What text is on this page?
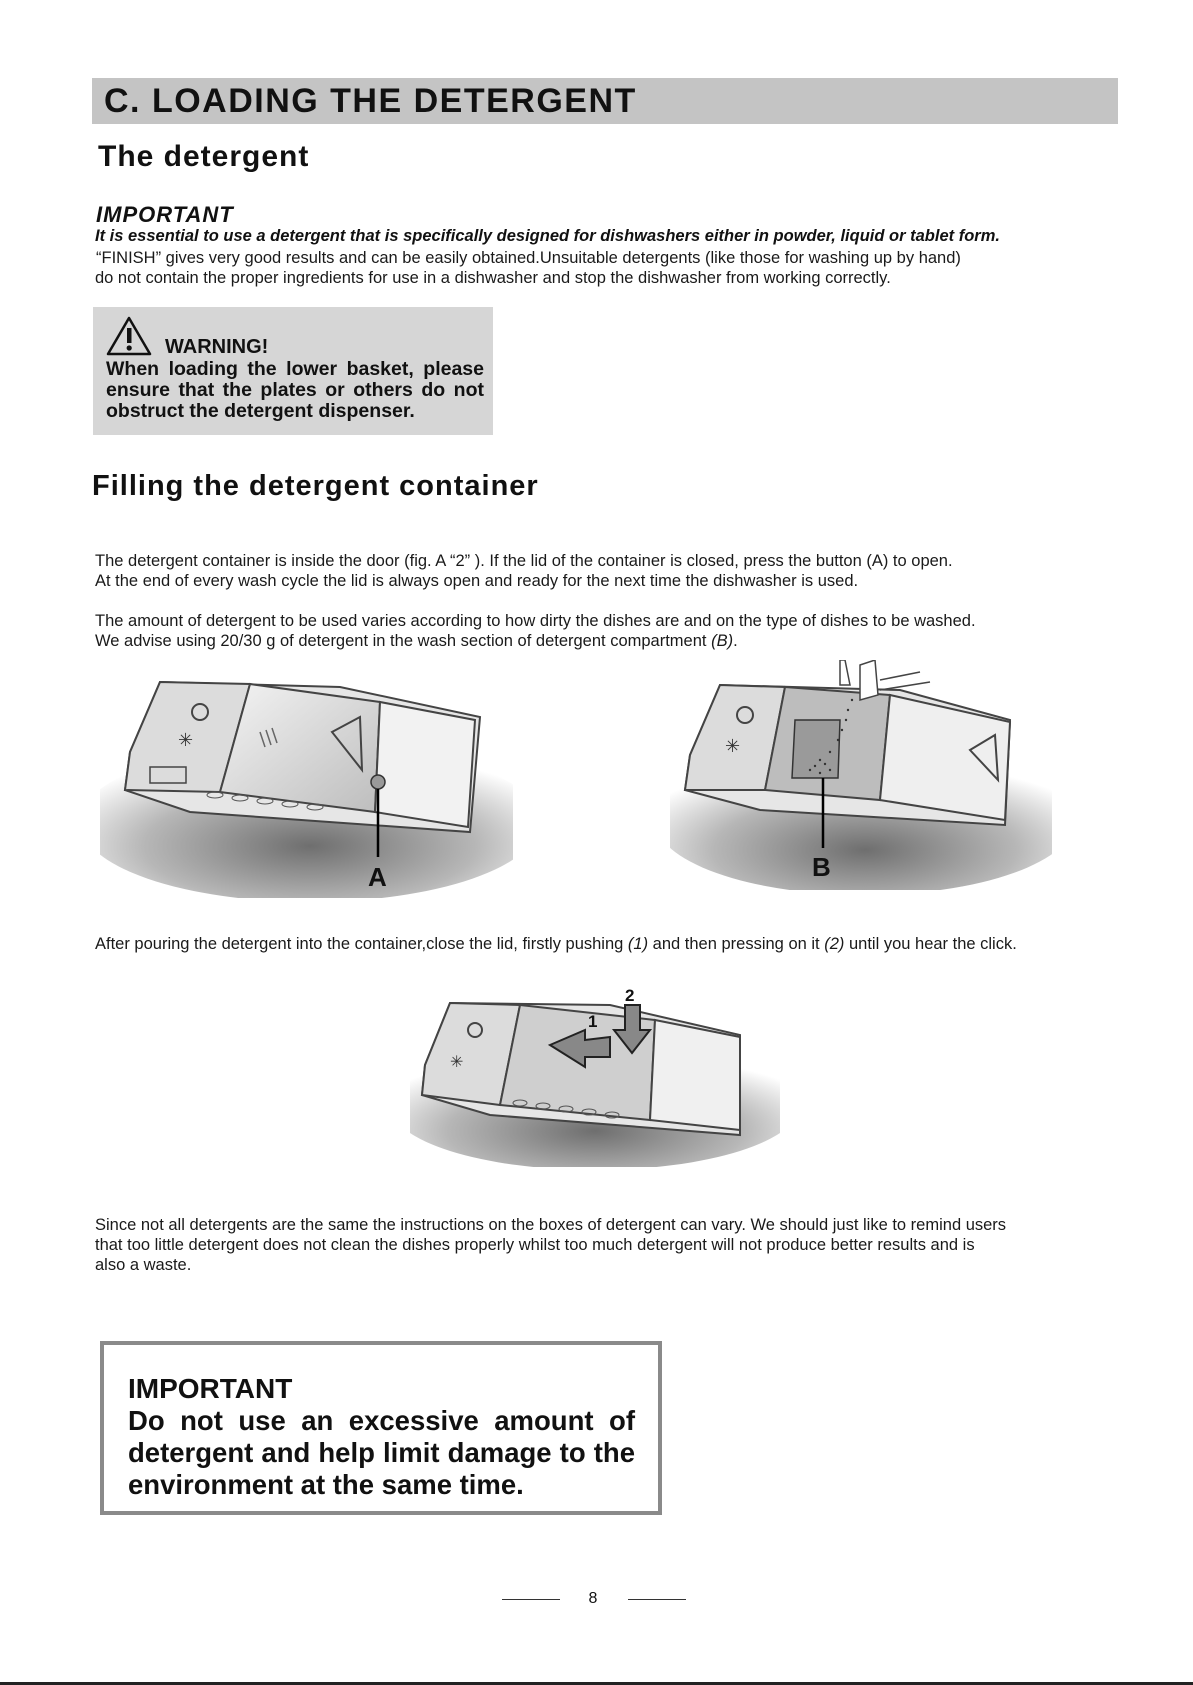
C. LOADING THE DETERGENT
The detergent
IMPORTANT
It is essential to use a detergent that is specifically designed for dishwashers either in powder, liquid or tablet form.
“FINISH” gives very good results and can be easily obtained.Unsuitable detergents (like those for washing up by hand)
do not contain the proper ingredients for use in a dishwasher and stop the dishwasher from working correctly.
WARNING!
When loading the lower basket, please ensure that the plates or others do not obstruct the detergent dispenser.
Filling the detergent container
The detergent container is inside the door (fig. A “2” ). If the lid of the container is closed, press the button (A) to open.
At the end of every wash cycle the lid is always open and ready for the next time the dishwasher is used.
The amount of detergent to be used varies according to how dirty the dishes are and on the type of dishes to be washed.
We advise using 20/30 g of detergent in the wash section of detergent compartment (B).
✳
A
✳
B
After pouring the detergent into the container,close the lid, firstly pushing (1) and then pressing on it (2) until you hear the click.
✳
1
2
Since not all detergents are the same the instructions on the boxes of detergent can vary. We should just like to remind users
that too little detergent does not clean the dishes properly whilst too much detergent will not produce better results and is
also a waste.
IMPORTANT
Do not use an excessive amount of detergent and help limit damage to the environment at the same time.
8
